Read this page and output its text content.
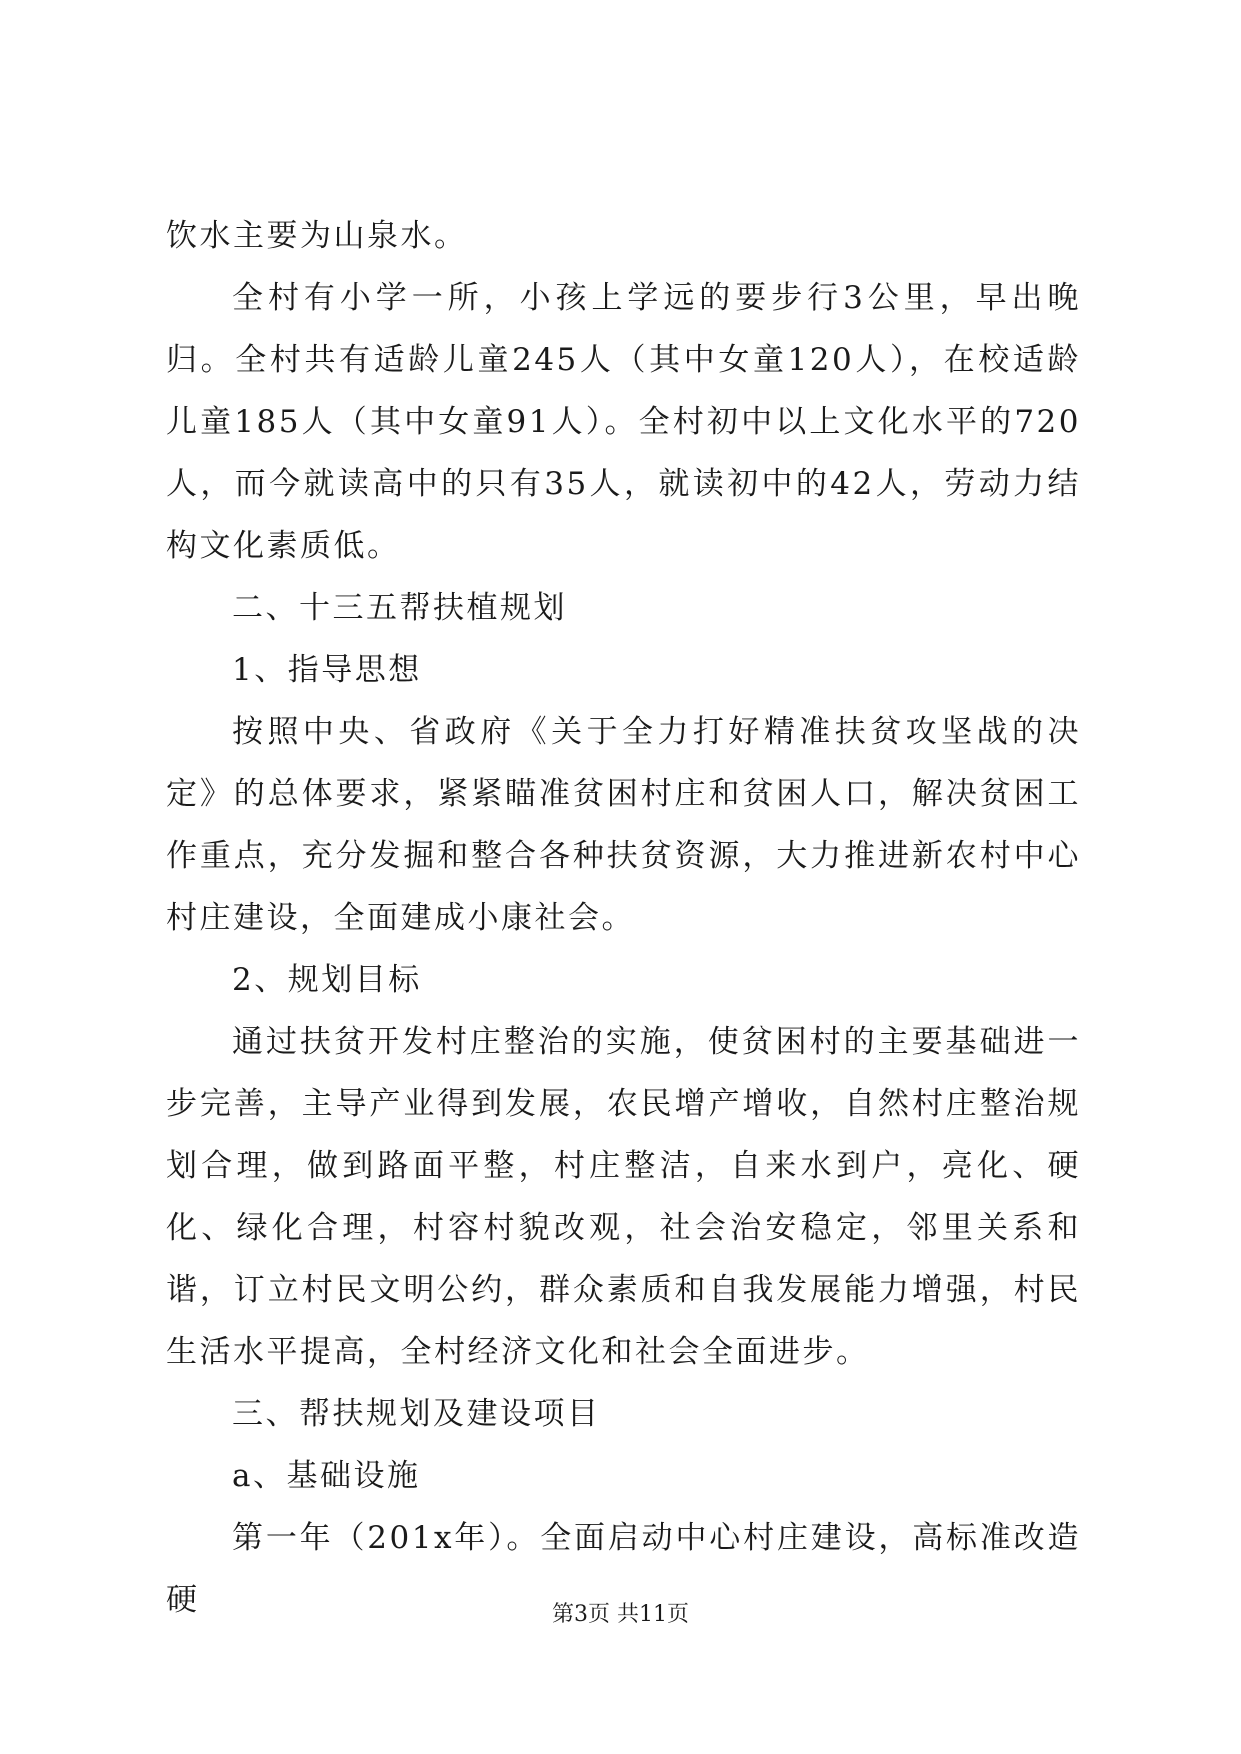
饮水主要为山泉水。

全村有小学一所，小孩上学远的要步行3公里，早出晚归。全村共有适龄儿童245人（其中女童120人），在校适龄儿童185人（其中女童91人）。全村初中以上文化水平的720人，而今就读高中的只有35人，就读初中的42人，劳动力结构文化素质低。

二、十三五帮扶植规划

1、指导思想

按照中央、省政府《关于全力打好精准扶贫攻坚战的决定》的总体要求，紧紧瞄准贫困村庄和贫困人口，解决贫困工作重点，充分发掘和整合各种扶贫资源，大力推进新农村中心村庄建设，全面建成小康社会。

2、规划目标

通过扶贫开发村庄整治的实施，使贫困村的主要基础进一步完善，主导产业得到发展，农民增产增收，自然村庄整治规划合理，做到路面平整，村庄整洁，自来水到户，亮化、硬化、绿化合理，村容村貌改观，社会治安稳定，邻里关系和谐，订立村民文明公约，群众素质和自我发展能力增强，村民生活水平提高，全村经济文化和社会全面进步。

三、帮扶规划及建设项目

a、基础设施

第一年（201x年）。全面启动中心村庄建设，高标准改造硬	第3页 共11页
